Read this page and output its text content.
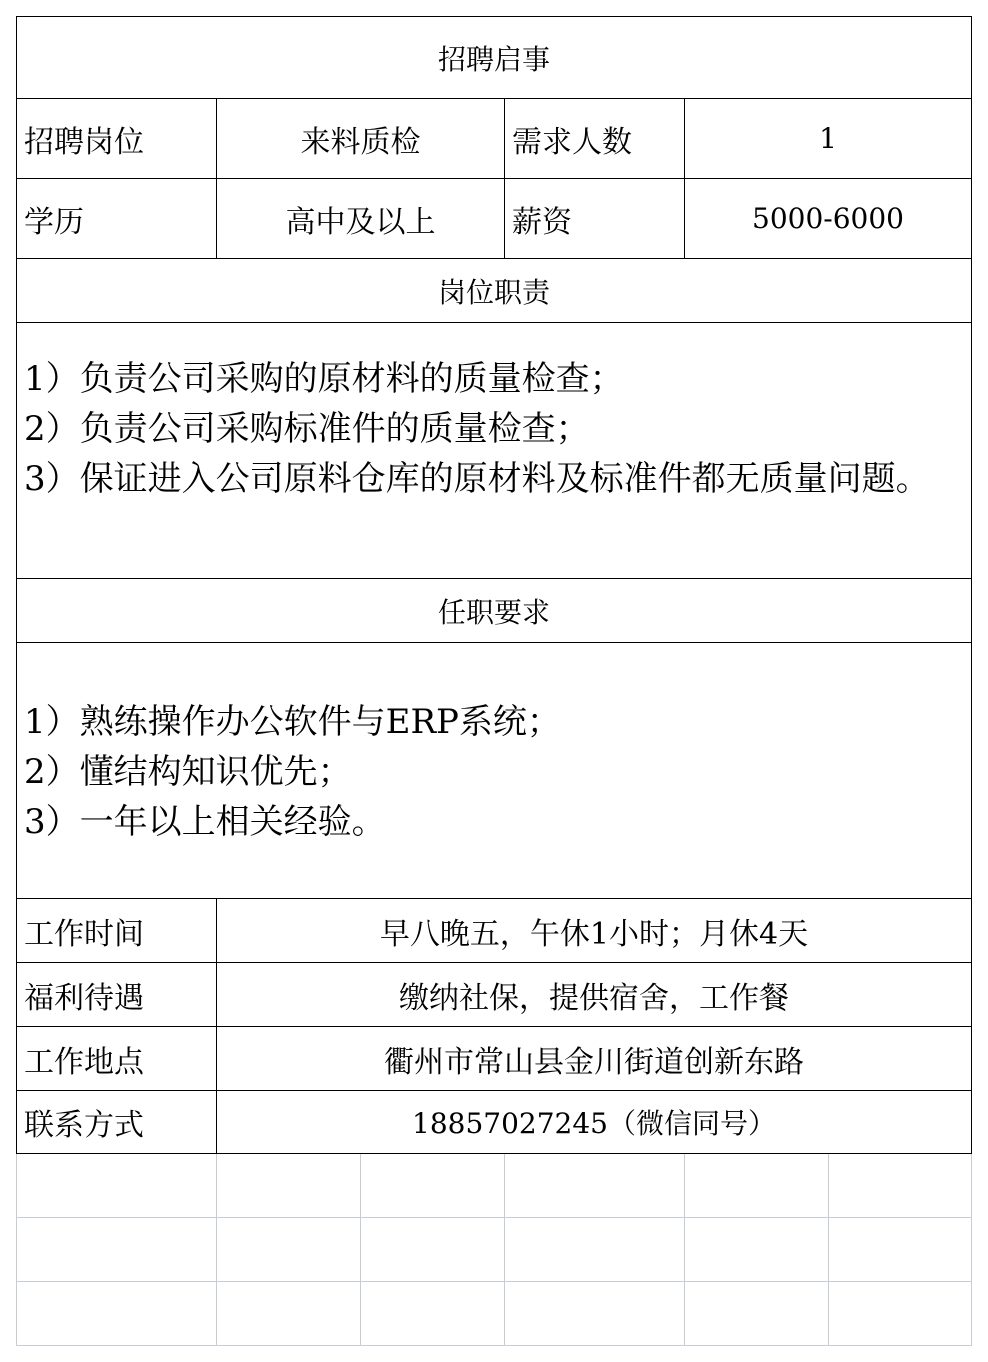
招聘启事
招聘岗位	来料质检	需求人数	1
学历	高中及以上	薪资	5000-6000
岗位职责
1）负责公司采购的原材料的质量检查；
2）负责公司采购标准件的质量检查；
3）保证进入公司原料仓库的原材料及标准件都无质量问题。
任职要求
1）熟练操作办公软件与ERP系统；
2）懂结构知识优先；
3）一年以上相关经验。
工作时间	早八晚五，午休1小时；月休4天
福利待遇	缴纳社保，提供宿舍，工作餐
工作地点	衢州市常山县金川街道创新东路
联系方式	18857027245（微信同号）
